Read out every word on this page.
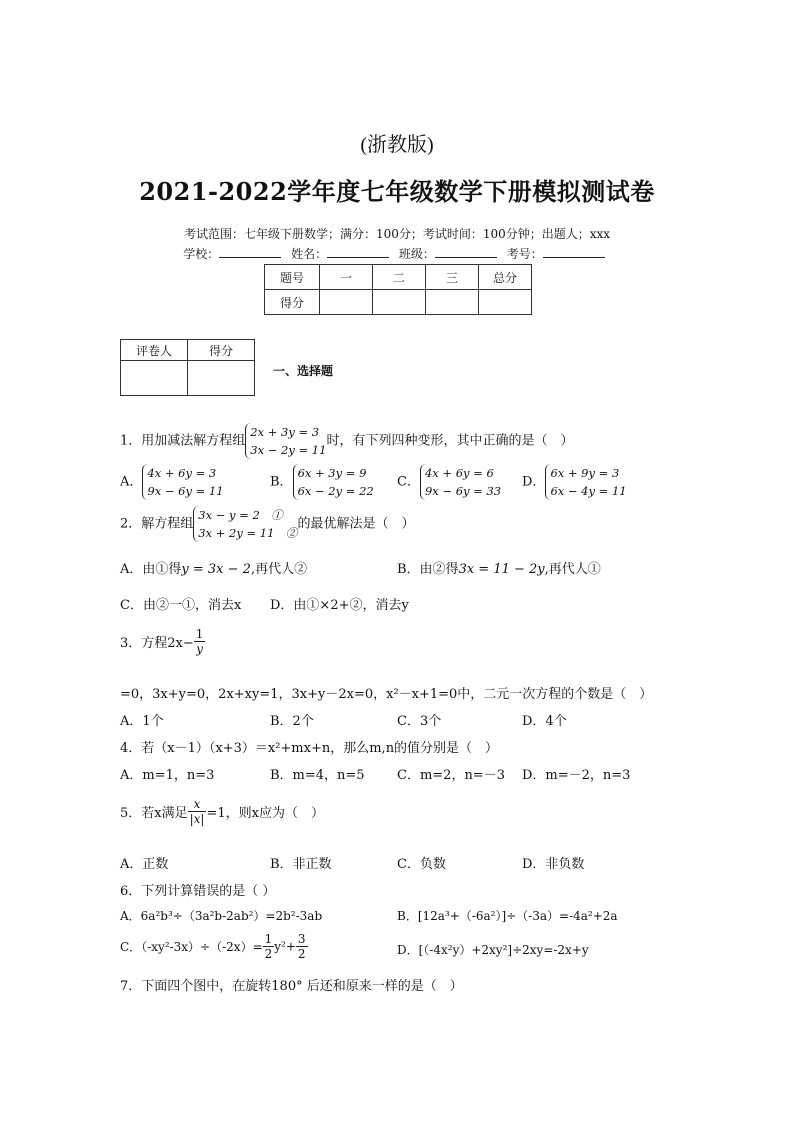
(浙教版)
2021-2022学年度七年级数学下册模拟测试卷
考试范围：七年级下册数学；满分：100分；考试时间：100分钟；出题人；xxx
学校：	姓名：	班级：	考号：
题号	一	二	三	总分
得分				
评卷人	得分

一、选择题
1．用加减法解方程组2x + 3y = 3
3x − 2y = 11时，有下列四种变形，其中正确的是（　）
A．4x + 6y = 3
9x − 6y = 11
B．6x + 3y = 9
6x − 2y = 22
C．4x + 6y = 6
9x − 6y = 33
D．6x + 9y = 3
6x − 4y = 11
2．解方程组3x − y = 2　①
3x + 2y = 11　②的最优解法是（　）
A．由①得y = 3x − 2,再代人②	B．由②得3x = 11 − 2y,再代人①
C．由②一①，消去x D．由①×2+②，消去y
3．方程$2x- \frac{1}{y}$
=0，3x+y=0，2x+xy=1，3x+y－2x=0，x²－x+1=0中，二元一次方程的个数是（　）
A．1个	B．2个	C．3个	D．4个
4．若（x－1）（x+3）＝x²+mx+n，那么m,n的值分别是（　）
A．m=1，n=3	B．m=4，n=5 C．m=2，n=－3 D．m=－2，n=3
5．若x满足 $\frac{x}{|x|} =1$，则x应为（　）
A．正数	B．非正数	C．负数	D．非负数
6．下列计算错误的是（ ）
A．6a²b³÷（3a²b-2ab²）=2b²-3ab	B．[12a³+（-6a²）]÷（-3a）=-4a²+2a
C．$(-xy^2-3x)\div(-2x)= \frac{1}{2} y^2+ \frac{3}{2}$	D．[（-4x²y）+2xy²]÷2xy=-2x+y
7．下面四个图中，在旋转180° 后还和原来一样的是（　）
